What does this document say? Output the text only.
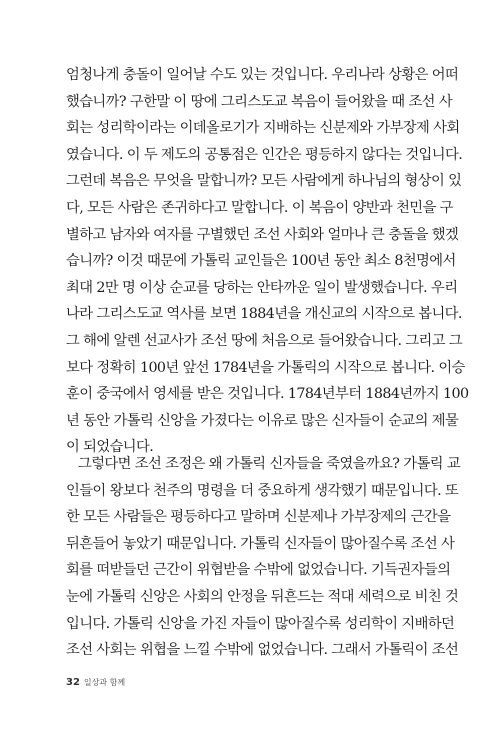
엄청나게 충돌이 일어날 수도 있는 것입니다. 우리나라 상황은 어떠
했습니까? 구한말 이 땅에 그리스도교 복음이 들어왔을 때 조선 사
회는 성리학이라는 이데올로기가 지배하는 신분제와 가부장제 사회
였습니다. 이 두 제도의 공통점은 인간은 평등하지 않다는 것입니다.
그런데 복음은 무엇을 말합니까? 모든 사람에게 하나님의 형상이 있
다, 모든 사람은 존귀하다고 말합니다. 이 복음이 양반과 천민을 구
별하고 남자와 여자를 구별했던 조선 사회와 얼마나 큰 충돌을 했겠
습니까? 이것 때문에 가톨릭 교인들은 100년 동안 최소 8천명에서
최대 2만 명 이상 순교를 당하는 안타까운 일이 발생했습니다. 우리
나라 그리스도교 역사를 보면 1884년을 개신교의 시작으로 봅니다.
그 해에 알렌 선교사가 조선 땅에 처음으로 들어왔습니다. 그리고 그
보다 정확히 100년 앞선 1784년을 가톨릭의 시작으로 봅니다. 이승
훈이 중국에서 영세를 받은 것입니다. 1784년부터 1884년까지 100
년 동안 가톨릭 신앙을 가졌다는 이유로 많은 신자들이 순교의 제물
이 되었습니다.
그렇다면 조선 조정은 왜 가톨릭 신자들을 죽였을까요? 가톨릭 교
인들이 왕보다 천주의 명령을 더 중요하게 생각했기 때문입니다. 또
한 모든 사람들은 평등하다고 말하며 신분제나 가부장제의 근간을
뒤흔들어 놓았기 때문입니다. 가톨릭 신자들이 많아질수록 조선 사
회를 떠받들던 근간이 위협받을 수밖에 없었습니다. 기득권자들의
눈에 가톨릭 신앙은 사회의 안정을 뒤흔드는 적대 세력으로 비친 것
입니다. 가톨릭 신앙을 가진 자들이 많아질수록 성리학이 지배하던
조선 사회는 위협을 느낄 수밖에 없었습니다. 그래서 가톨릭이 조선
32 일상과 함께
